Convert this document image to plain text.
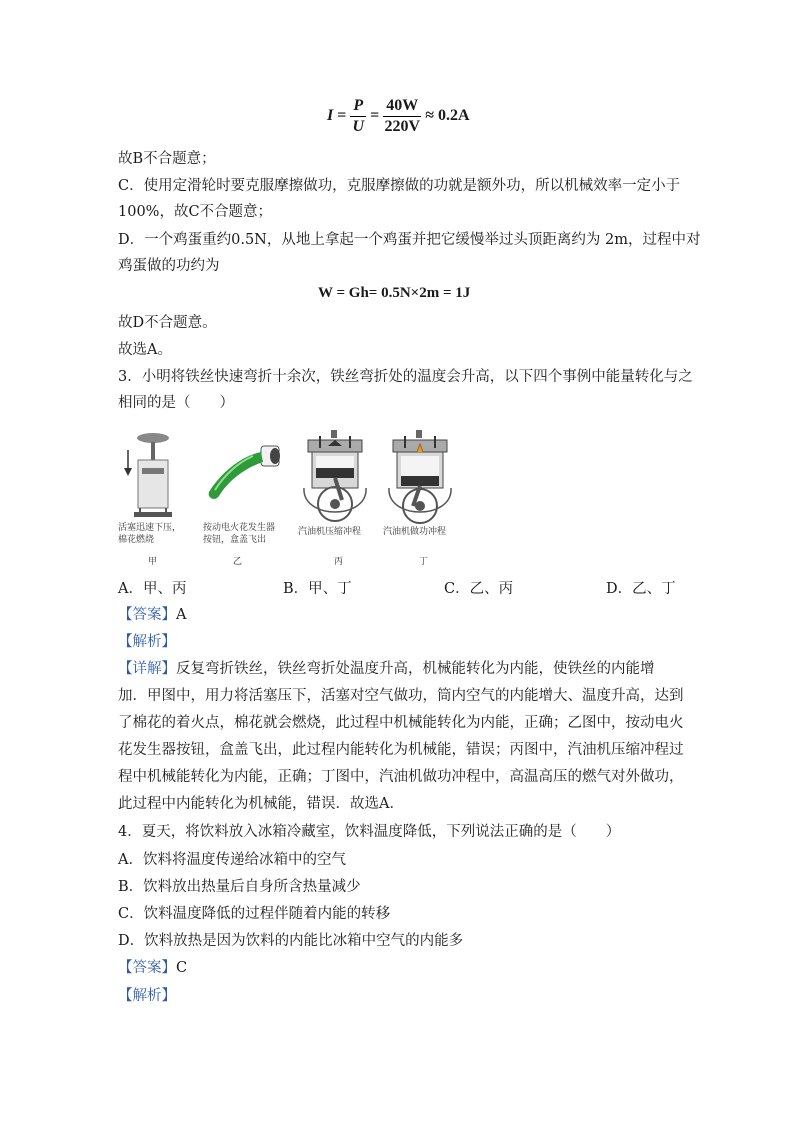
$I = \frac{P}{U} = \frac{40W}{220V} \approx 0.2A$
故B不合题意；
C．使用定滑轮时要克服摩擦做功，克服摩擦做的功就是额外功，所以机械效率一定小于
100%，故C不合题意；
D．一个鸡蛋重约0.5N，从地上拿起一个鸡蛋并把它缓慢举过头顶距离约为 2m，过程中对
鸡蛋做的功约为
W = Gh= 0.5N×2m = 1J
故D不合题意。
故选A。
3．小明将铁丝快速弯折十余次，铁丝弯折处的温度会升高，以下四个事例中能量转化与之
相同的是（　　）
活塞迅速下压，
棉花燃烧
甲
按动电火花发生器
按钮，盒盖飞出
乙
汽油机压缩冲程
丙
汽油机做功冲程
丁
A．甲、丙	B．甲、丁	C．乙、丙	D．乙、丁
【答案】A
【解析】
【详解】反复弯折铁丝，铁丝弯折处温度升高，机械能转化为内能，使铁丝的内能增
加．甲图中，用力将活塞压下，活塞对空气做功，筒内空气的内能增大、温度升高，达到
了棉花的着火点，棉花就会燃烧，此过程中机械能转化为内能，正确；乙图中，按动电火
花发生器按钮，盒盖飞出，此过程内能转化为机械能，错误；丙图中，汽油机压缩冲程过
程中机械能转化为内能，正确；丁图中，汽油机做功冲程中，高温高压的燃气对外做功，
此过程中内能转化为机械能，错误．故选A．
4．夏天，将饮料放入冰箱冷藏室，饮料温度降低，下列说法正确的是（　　）
A．饮料将温度传递给冰箱中的空气
B．饮料放出热量后自身所含热量减少
C．饮料温度降低的过程伴随着内能的转移
D．饮料放热是因为饮料的内能比冰箱中空气的内能多
【答案】C
【解析】
